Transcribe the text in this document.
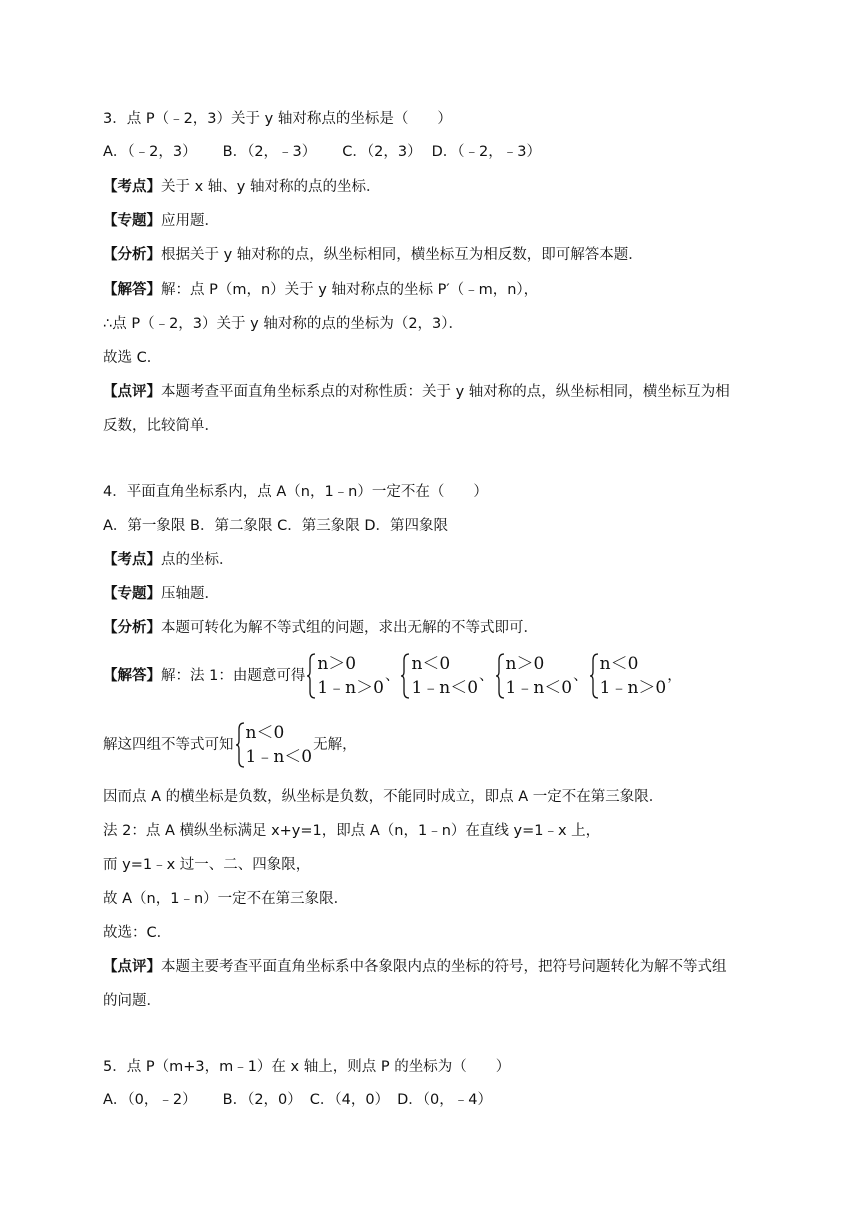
3．点 P（﹣2，3）关于 y 轴对称点的坐标是（　　）
A．（﹣2，3） B．（2，﹣3） C．（2，3） D．（﹣2，﹣3）
【考点】关于 x 轴、y 轴对称的点的坐标．
【专题】应用题．
【分析】根据关于 y 轴对称的点，纵坐标相同，横坐标互为相反数，即可解答本题．
【解答】解：点 P（m，n）关于 y 轴对称点的坐标 P′（﹣m，n），
∴点 P（﹣2，3）关于 y 轴对称的点的坐标为（2，3）．
故选 C．
【点评】本题考查平面直角坐标系点的对称性质：关于 y 轴对称的点，纵坐标相同，横坐标互为相
反数，比较简单．
4．平面直角坐标系内，点 A（n，1﹣n）一定不在（　　）
A．第一象限 B．第二象限 C．第三象限 D．第四象限
【考点】点的坐标．
【专题】压轴题．
【分析】本题可转化为解不等式组的问题，求出无解的不等式即可．
【解答】解：法 1：由题意可得
n＞0
1﹣n＞0
、
n＜0
1﹣n＜0
、
n＞0
1﹣n＜0
、
n＜0
1﹣n＞0
，
解这四组不等式可知
n＜0
1﹣n＜0
无解，
因而点 A 的横坐标是负数，纵坐标是负数，不能同时成立，即点 A 一定不在第三象限．
法 2：点 A 横纵坐标满足 x+y=1，即点 A（n，1﹣n）在直线 y=1﹣x 上，
而 y=1﹣x 过一、二、四象限，
故 A（n，1﹣n）一定不在第三象限．
故选：C．
【点评】本题主要考查平面直角坐标系中各象限内点的坐标的符号，把符号问题转化为解不等式组
的问题．
5．点 P（m+3，m﹣1）在 x 轴上，则点 P 的坐标为（　　）
A．（0，﹣2） B．（2，0） C．（4，0） D．（0，﹣4）
